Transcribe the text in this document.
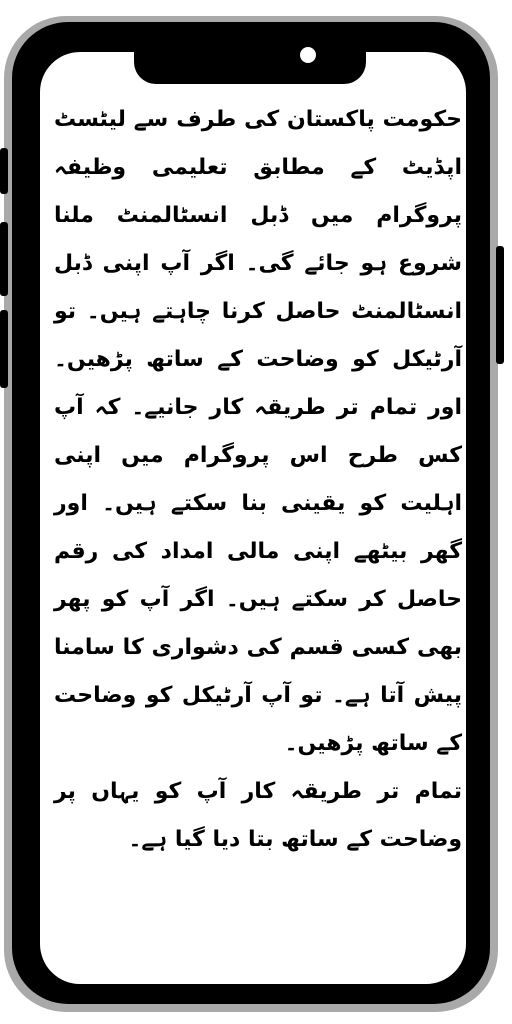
حکومت پاکستان کی طرف سے لیٹسٹ اپڈیٹ کے مطابق تعلیمی وظیفہ پروگرام میں ڈبل انسٹالمنٹ ملنا شروع ہو جائے گی۔ اگر آپ اپنی ڈبل انسٹالمنٹ حاصل کرنا چاہتے ہیں۔ تو آرٹیکل کو وضاحت کے ساتھ پڑھیں۔ اور تمام تر طریقہ کار جانیے۔ کہ آپ کس طرح اس پروگرام میں اپنی اہلیت کو یقینی بنا سکتے ہیں۔ اور گھر بیٹھے اپنی مالی امداد کی رقم حاصل کر سکتے ہیں۔ اگر آپ کو پھر بھی کسی قسم کی دشواری کا سامنا پیش آتا ہے۔ تو آپ آرٹیکل کو وضاحت کے ساتھ پڑھیں۔

تمام تر طریقہ کار آپ کو یہاں پر وضاحت کے ساتھ بتا دیا گیا ہے۔
